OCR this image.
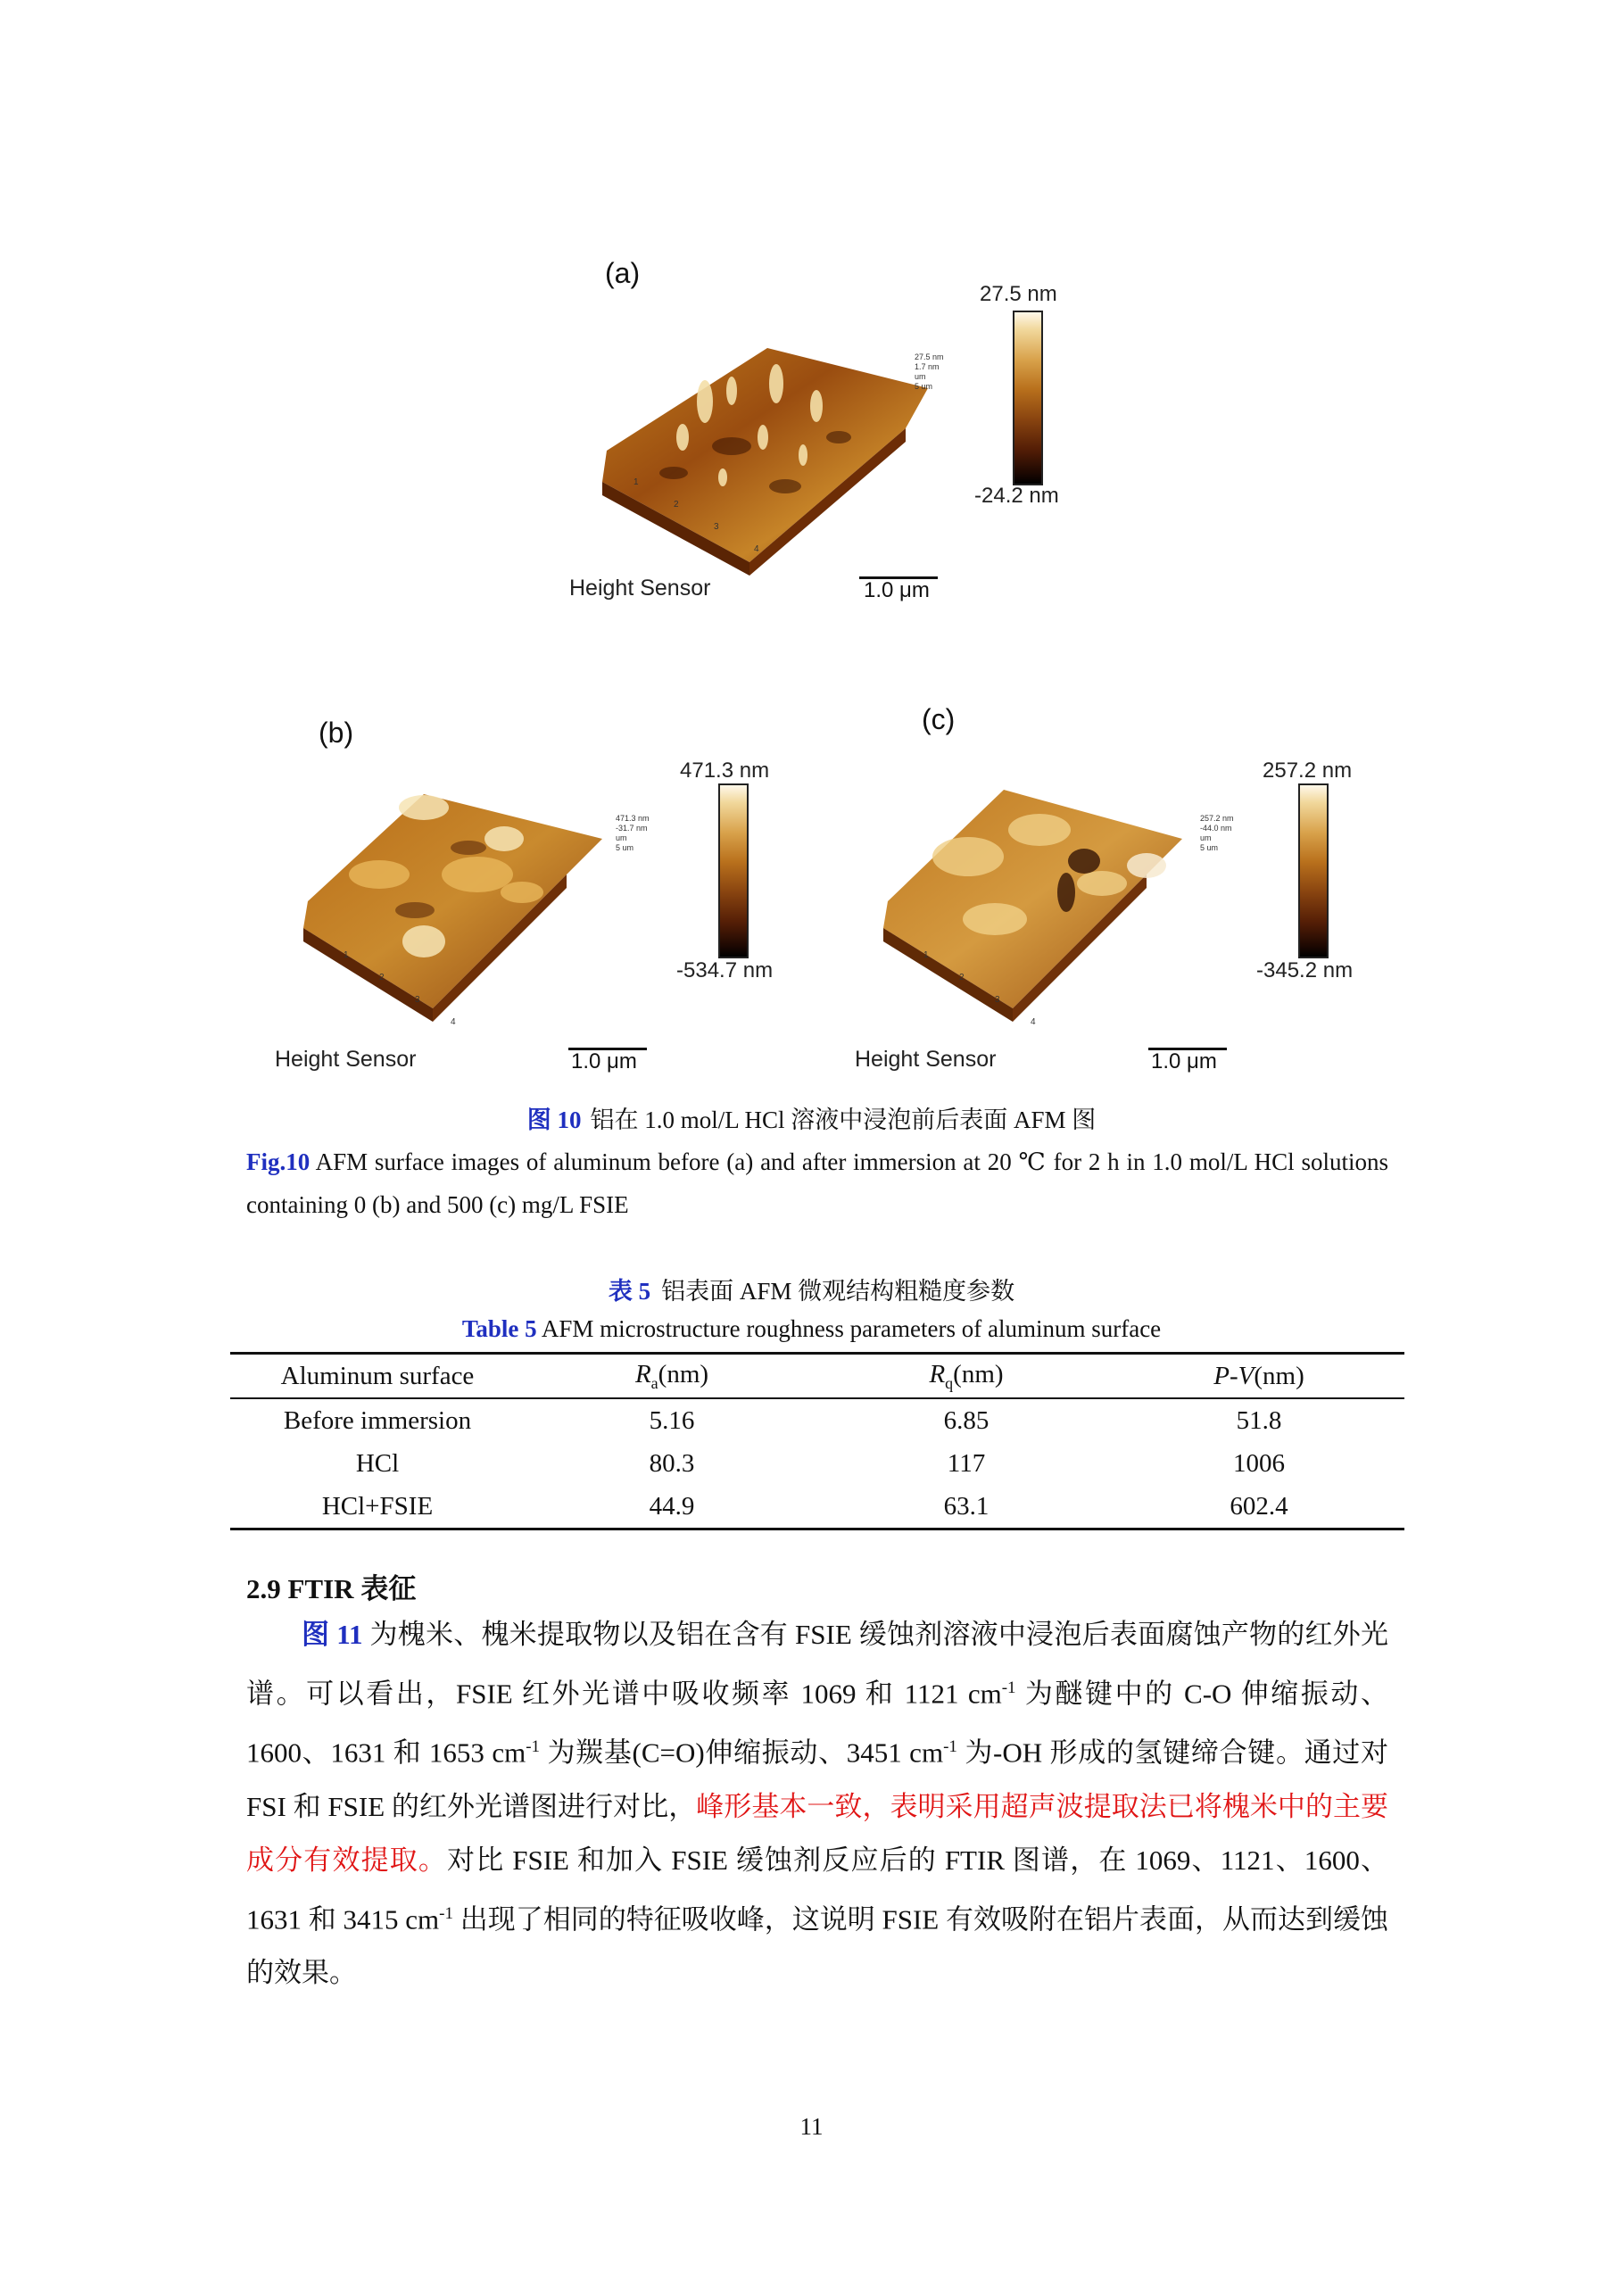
(a)
27.5 nm
1.7 nm
um
5 um
1
2
3
4
27.5 nm
-24.2 nm
Height Sensor	1.0 μm
(b)
471.3 nm
-31.7 nm
um
5 um
1
2
3
4
471.3 nm
-534.7 nm
Height Sensor	1.0 μm
(c)
257.2 nm
-44.0 nm
um
5 um
1
2
3
4
257.2 nm
-345.2 nm
Height Sensor	1.0 μm
图 10 铝在 1.0 mol/L HCl 溶液中浸泡前后表面 AFM 图
Fig.10 AFM surface images of aluminum before (a) and after immersion at 20 ℃ for 2 h in 1.0 mol/L HCl solutions containing 0 (b) and 500 (c) mg/L FSIE
表 5 铝表面 AFM 微观结构粗糙度参数
Table 5 AFM microstructure roughness parameters of aluminum surface
Aluminum surface	$R_a(nm)$	$R_q(nm)$	P-V(nm)
Before immersion	5.16	6.85	51.8
HCl	80.3	117	1006
HCl+FSIE	44.9	63.1	602.4
2.9 FTIR 表征
图 11 为槐米、槐米提取物以及铝在含有 FSIE 缓蚀剂溶液中浸泡后表面腐蚀产物的红外光谱。可以看出，FSIE 红外光谱中吸收频率 1069 和 1121 $cm^{-1}$ 为醚键中的 C-O 伸缩振动、1600、1631 和 1653 $cm^{-1}$ 为羰基(C=O)伸缩振动、3451 $cm^{-1}$ 为-OH 形成的氢键缔合键。通过对 FSI 和 FSIE 的红外光谱图进行对比，峰形基本一致，表明采用超声波提取法已将槐米中的主要成分有效提取。对比 FSIE 和加入 FSIE 缓蚀剂反应后的 FTIR 图谱，在 1069、1121、1600、1631 和 3415 $cm^{-1}$ 出现了相同的特征吸收峰，这说明 FSIE 有效吸附在铝片表面，从而达到缓蚀的效果。
11
